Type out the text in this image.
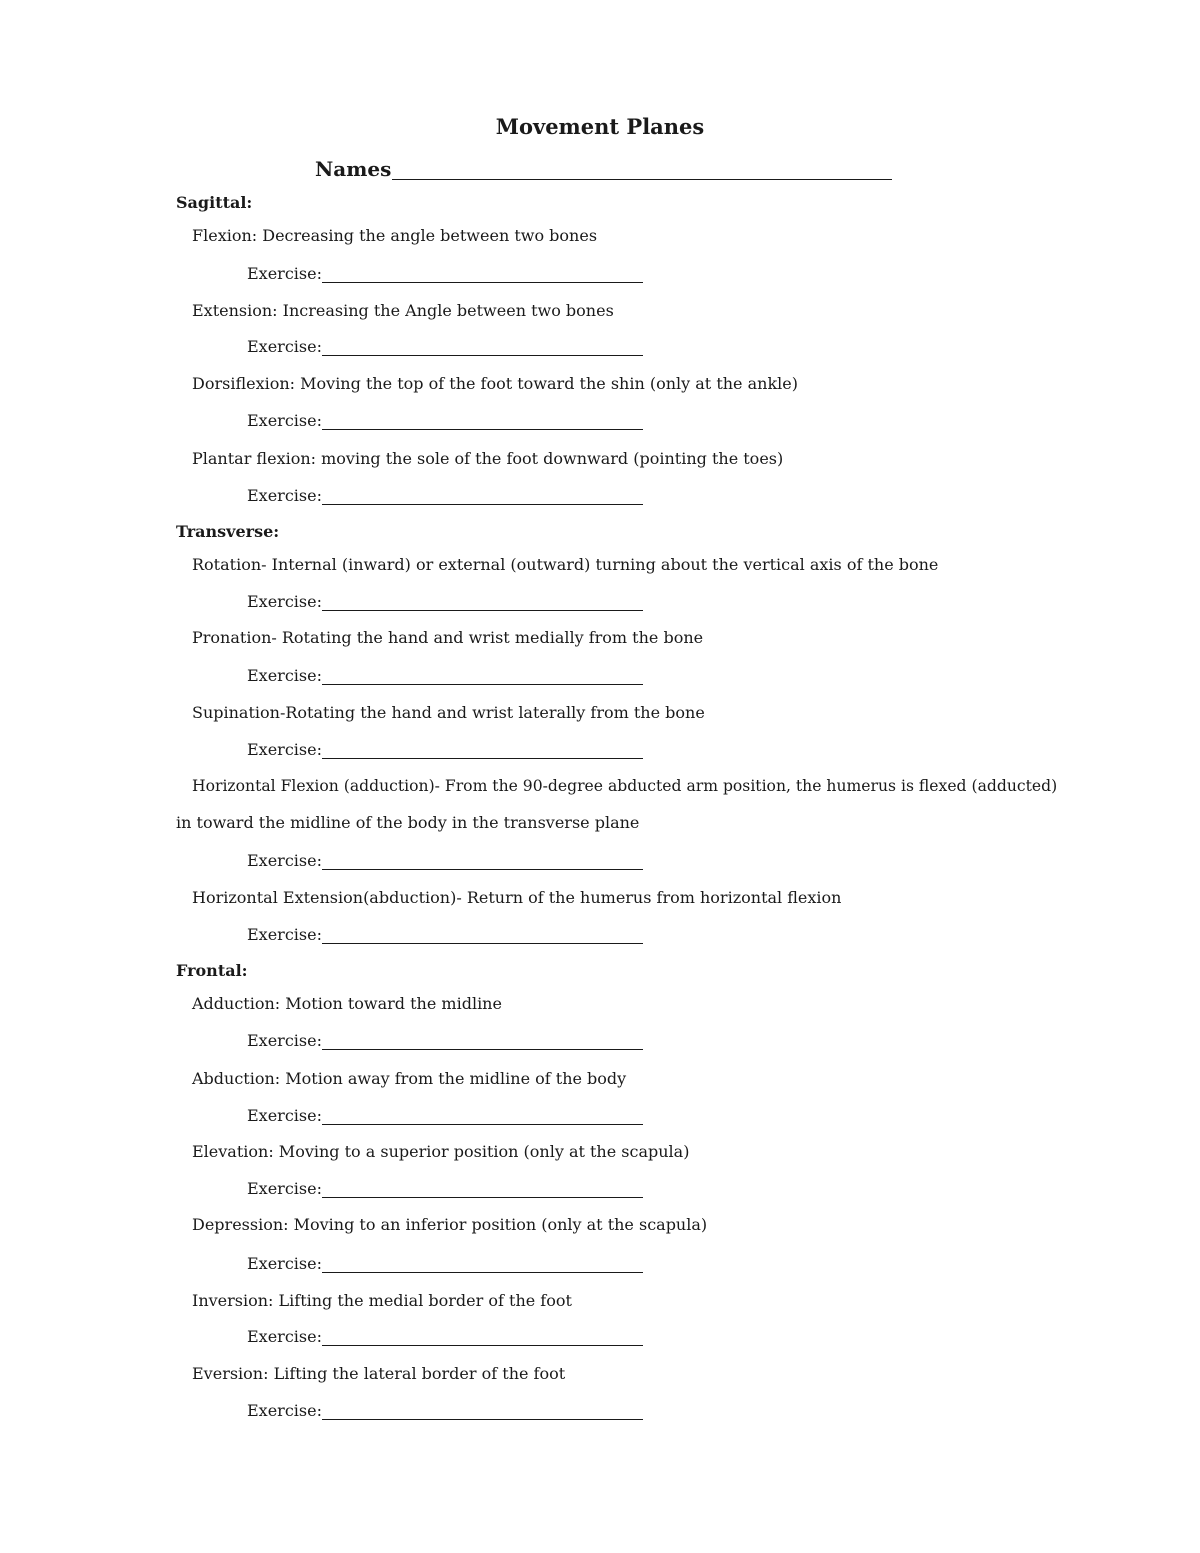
Movement Planes
Names
Sagittal:
Flexion: Decreasing the angle between two bones
Exercise:
Extension: Increasing the Angle between two bones
Exercise:
Dorsiflexion: Moving the top of the foot toward the shin (only at the ankle)
Exercise:
Plantar flexion: moving the sole of the foot downward (pointing the toes)
Exercise:
Transverse:
Rotation- Internal (inward) or external (outward) turning about the vertical axis of the bone
Exercise:
Pronation- Rotating the hand and wrist medially from the bone
Exercise:
Supination-Rotating the hand and wrist laterally from the bone
Exercise:
Horizontal Flexion (adduction)- From the 90-degree abducted arm position, the humerus is flexed (adducted)
in toward the midline of the body in the transverse plane
Exercise:
Horizontal Extension(abduction)- Return of the humerus from horizontal flexion
Exercise:
Frontal:
Adduction: Motion toward the midline
Exercise:
Abduction: Motion away from the midline of the body
Exercise:
Elevation: Moving to a superior position (only at the scapula)
Exercise:
Depression: Moving to an inferior position (only at the scapula)
Exercise:
Inversion: Lifting the medial border of the foot
Exercise:
Eversion: Lifting the lateral border of the foot
Exercise:
